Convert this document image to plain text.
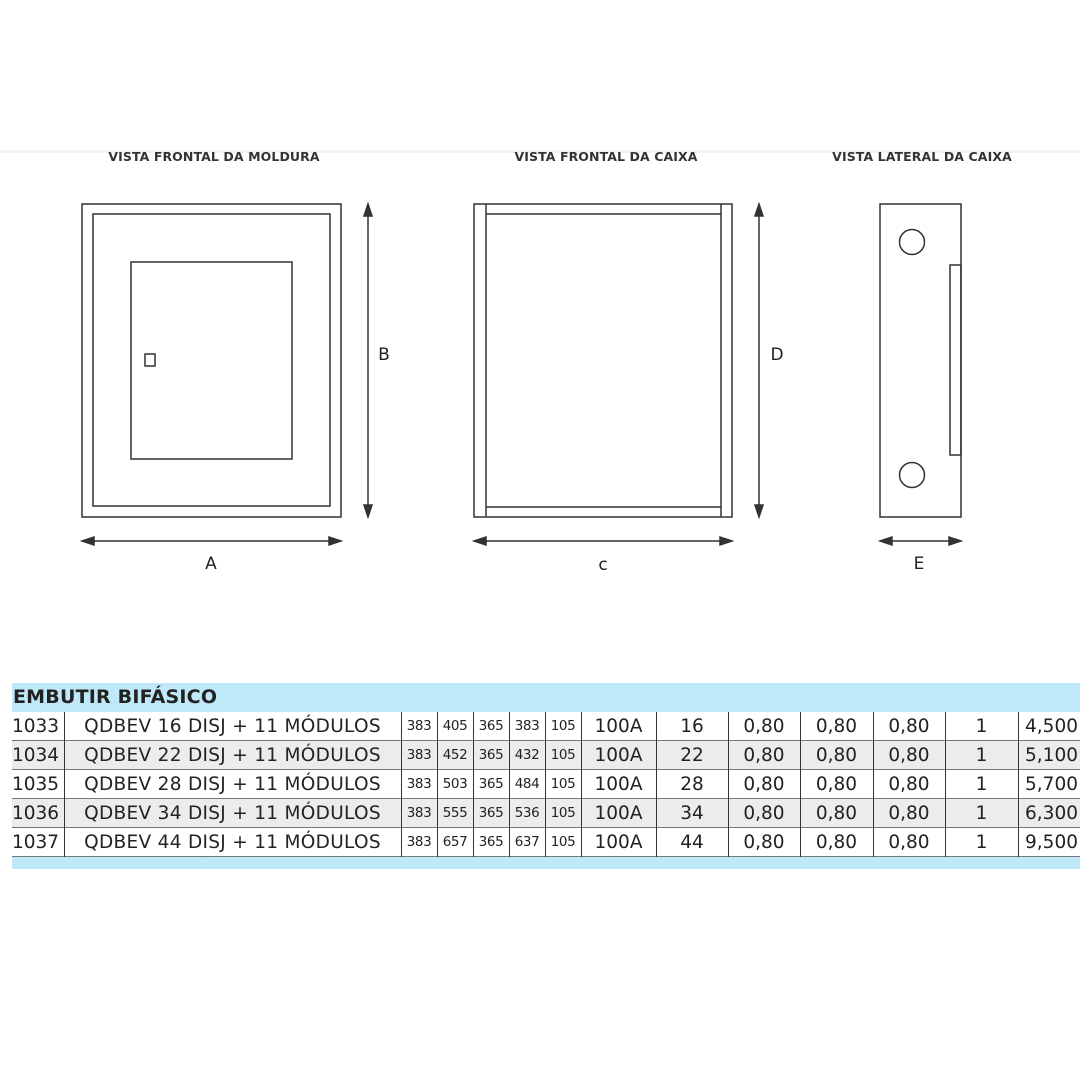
VISTA FRONTAL DA MOLDURA	VISTA FRONTAL DA CAIXA	VISTA LATERAL DA CAIXA
A
B
c
D
E
EMBUTIR BIFÁSICO
1033	QDBEV 16 DISJ + 11 MÓDULOS	383	405	365	383	105	100A	16	0,80	0,80	0,80	1	4,500
1034	QDBEV 22 DISJ + 11 MÓDULOS	383	452	365	432	105	100A	22	0,80	0,80	0,80	1	5,100
1035	QDBEV 28 DISJ + 11 MÓDULOS	383	503	365	484	105	100A	28	0,80	0,80	0,80	1	5,700
1036	QDBEV 34 DISJ + 11 MÓDULOS	383	555	365	536	105	100A	34	0,80	0,80	0,80	1	6,300
1037	QDBEV 44 DISJ + 11 MÓDULOS	383	657	365	637	105	100A	44	0,80	0,80	0,80	1	9,500
´
